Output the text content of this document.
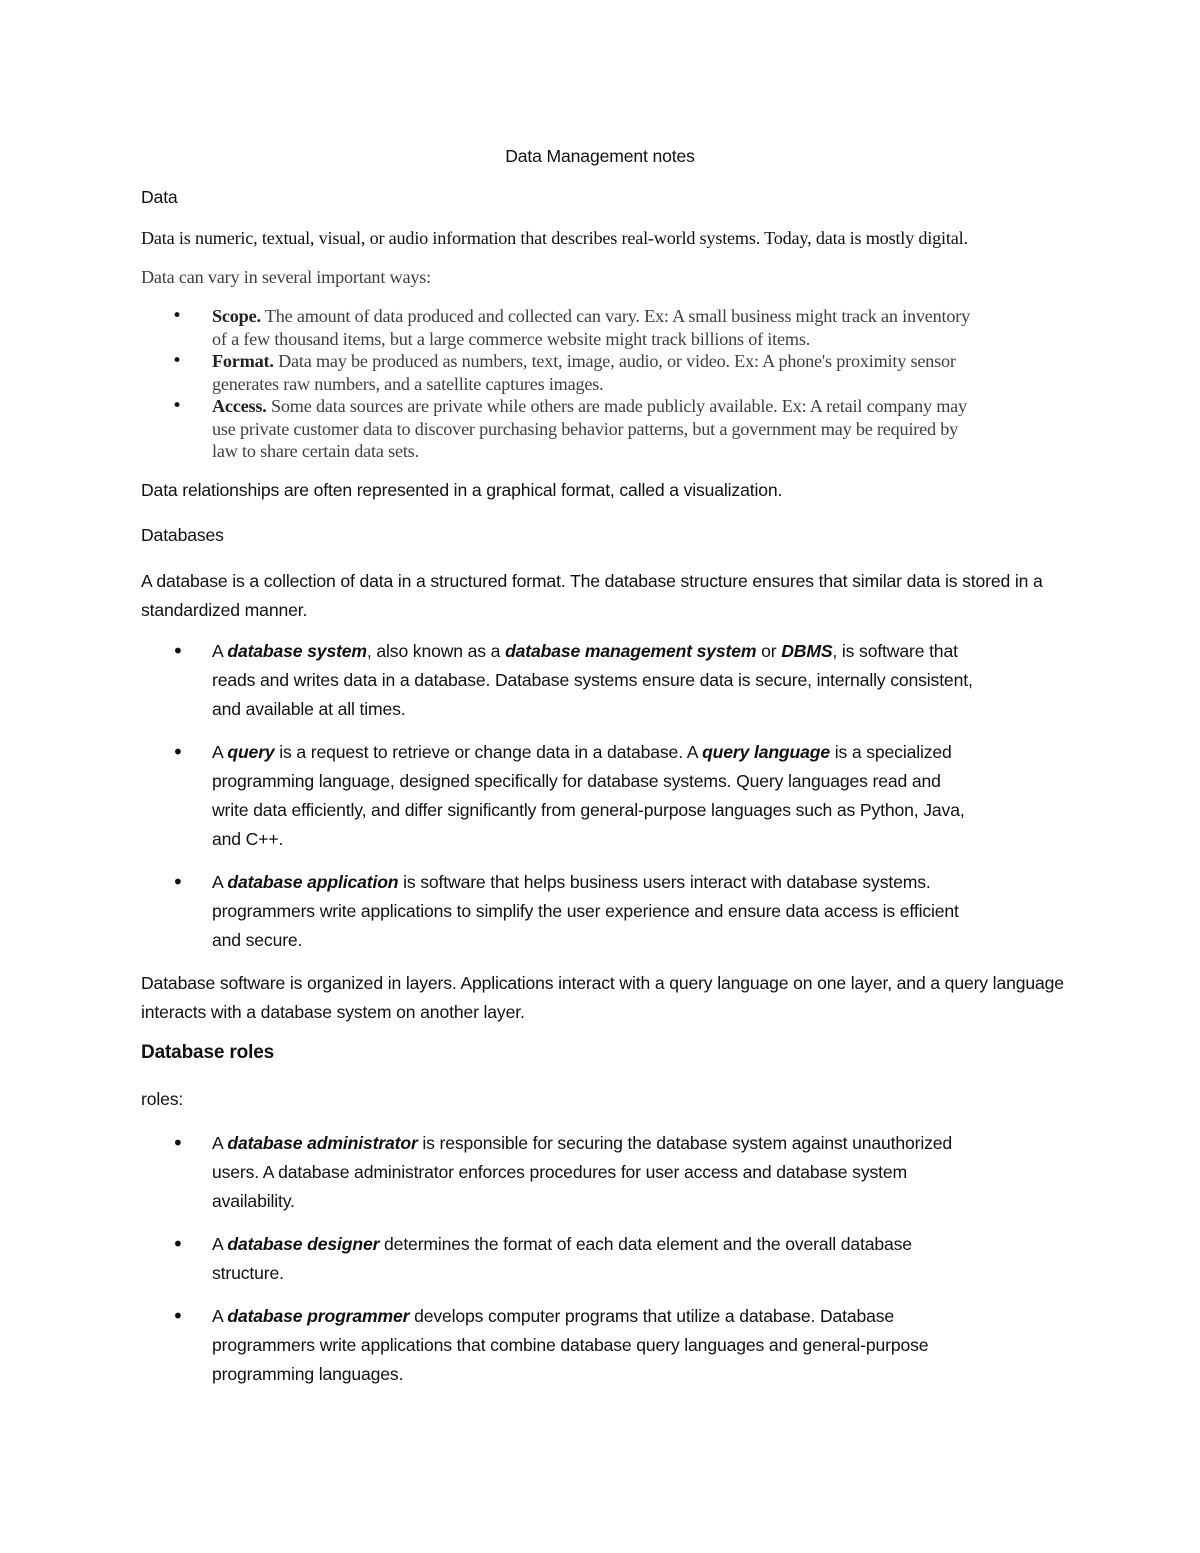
Data Management notes
Data
Data is numeric, textual, visual, or audio information that describes real-world systems. Today, data is mostly digital.
Data can vary in several important ways:
• Scope. The amount of data produced and collected can vary. Ex: A small business might track an inventory of a few thousand items, but a large commerce website might track billions of items.
• Format. Data may be produced as numbers, text, image, audio, or video. Ex: A phone's proximity sensor generates raw numbers, and a satellite captures images.
• Access. Some data sources are private while others are made publicly available. Ex: A retail company may use private customer data to discover purchasing behavior patterns, but a government may be required by law to share certain data sets.
Data relationships are often represented in a graphical format, called a visualization.
Databases
A database is a collection of data in a structured format. The database structure ensures that similar data is stored in a standardized manner.
• A database system, also known as a database management system or DBMS, is software that reads and writes data in a database. Database systems ensure data is secure, internally consistent, and available at all times.
• A query is a request to retrieve or change data in a database. A query language is a specialized programming language, designed specifically for database systems. Query languages read and write data efficiently, and differ significantly from general-purpose languages such as Python, Java, and C++.
• A database application is software that helps business users interact with database systems. programmers write applications to simplify the user experience and ensure data access is efficient and secure.
Database software is organized in layers. Applications interact with a query language on one layer, and a query language interacts with a database system on another layer.
Database roles
roles:
• A database administrator is responsible for securing the database system against unauthorized users. A database administrator enforces procedures for user access and database system availability.
• A database designer determines the format of each data element and the overall database structure.
• A database programmer develops computer programs that utilize a database. Database programmers write applications that combine database query languages and general-purpose programming languages.
